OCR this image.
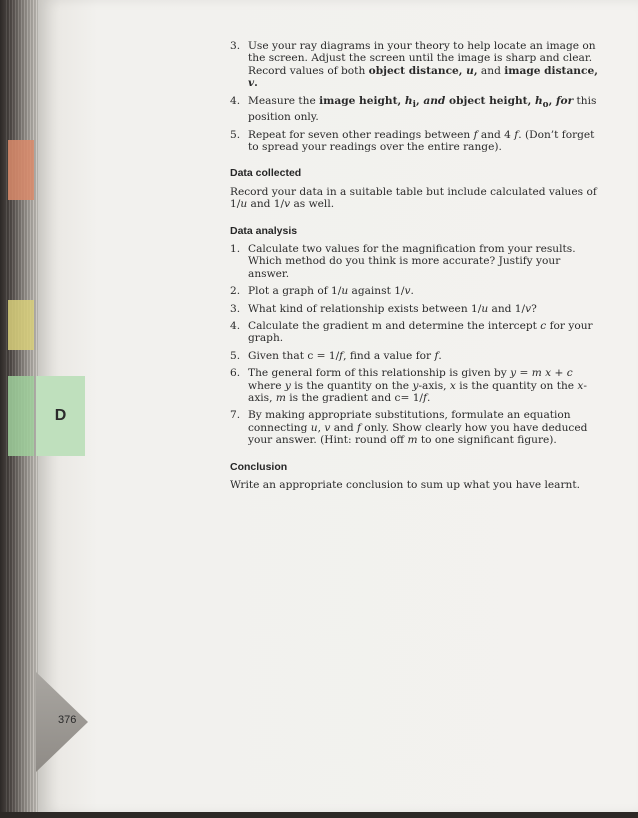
D
376
3. Use your ray diagrams in your theory to help locate an image on the screen. Adjust the screen until the image is sharp and clear. Record values of both object distance, u, and image distance, v.
4. Measure the image height, $h_i$, and object height, $h_o$, for this position only.
5. Repeat for seven other readings between f and 4 f. (Don’t forget to spread your readings over the entire range).
Data collected

Record your data in a suitable table but include calculated values of 1/u and 1/v as well.

Data analysis
1. Calculate two values for the magnification from your results. Which method do you think is more accurate? Justify your answer.
2. Plot a graph of 1/u against 1/v.
3. What kind of relationship exists between 1/u and 1/v?
4. Calculate the gradient m and determine the intercept c for your graph.
5. Given that c = 1/f, find a value for f.
6. The general form of this relationship is given by y = m x + c where y is the quantity on the y-axis, x is the quantity on the x-axis, m is the gradient and c= 1/f.
7. By making appropriate substitutions, formulate an equation connecting u, v and f only. Show clearly how you have deduced your answer. (Hint: round off m to one significant figure).
Conclusion

Write an appropriate conclusion to sum up what you have learnt.
